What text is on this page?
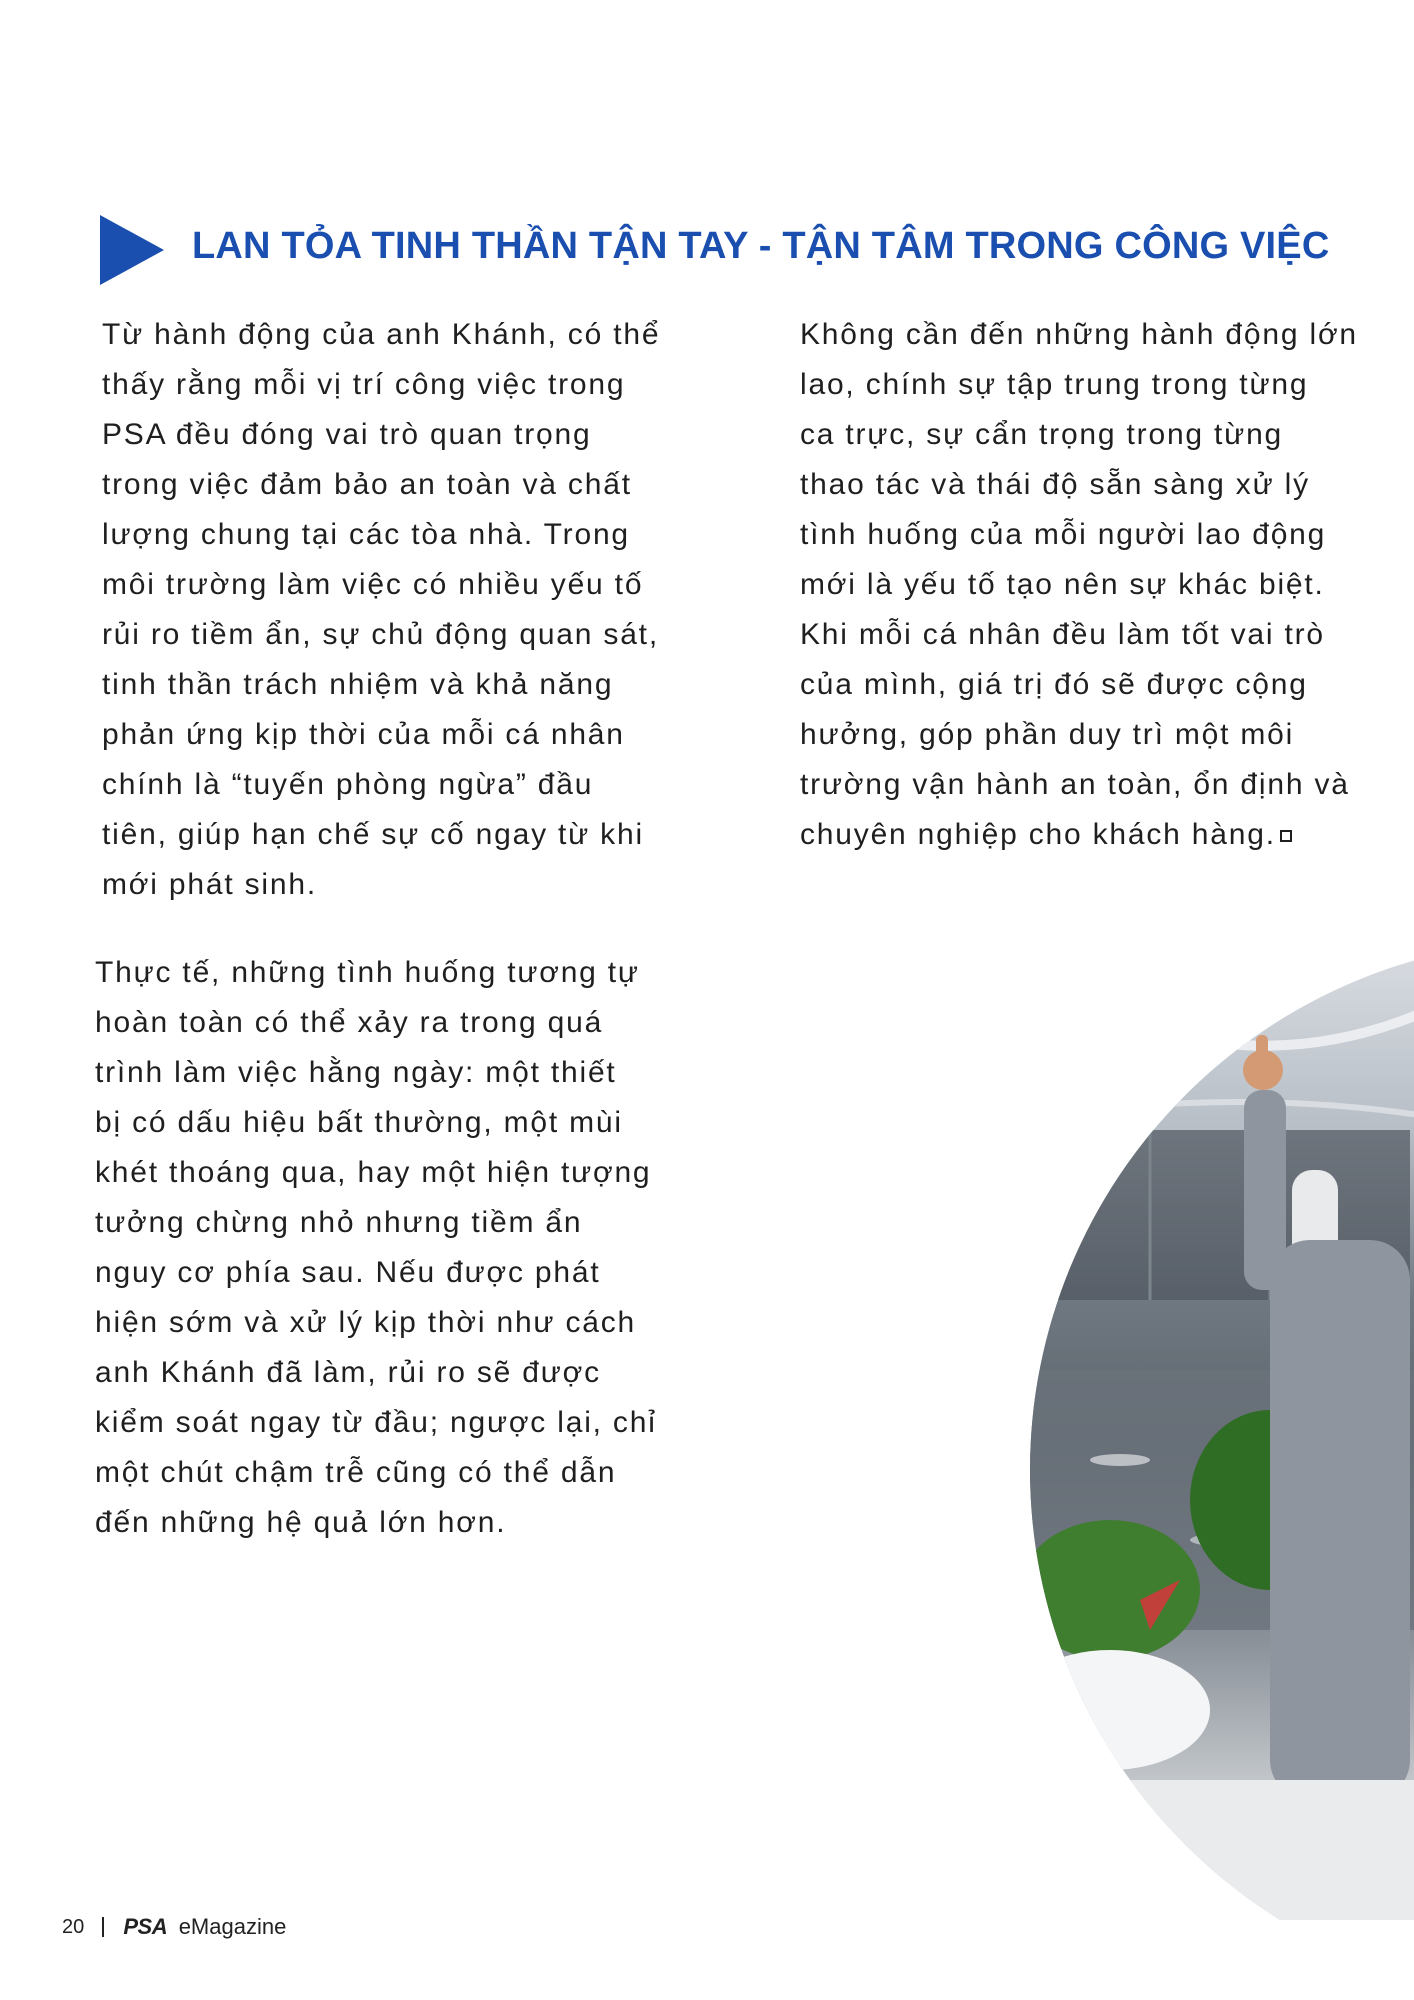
LAN TỎA TINH THẦN TẬN TAY - TẬN TÂM TRONG CÔNG VIỆC

Từ hành động của anh Khánh, có thể
thấy rằng mỗi vị trí công việc trong
PSA đều đóng vai trò quan trọng
trong việc đảm bảo an toàn và chất
lượng chung tại các tòa nhà. Trong
môi trường làm việc có nhiều yếu tố
rủi ro tiềm ẩn, sự chủ động quan sát,
tinh thần trách nhiệm và khả năng
phản ứng kịp thời của mỗi cá nhân
chính là “tuyến phòng ngừa” đầu
tiên, giúp hạn chế sự cố ngay từ khi
mới phát sinh.

Thực tế, những tình huống tương tự
hoàn toàn có thể xảy ra trong quá
trình làm việc hằng ngày: một thiết
bị có dấu hiệu bất thường, một mùi
khét thoáng qua, hay một hiện tượng
tưởng chừng nhỏ nhưng tiềm ẩn
nguy cơ phía sau. Nếu được phát
hiện sớm và xử lý kịp thời như cách
anh Khánh đã làm, rủi ro sẽ được
kiểm soát ngay từ đầu; ngược lại, chỉ
một chút chậm trễ cũng có thể dẫn
đến những hệ quả lớn hơn.

Không cần đến những hành động lớn
lao, chính sự tập trung trong từng
ca trực, sự cẩn trọng trong từng
thao tác và thái độ sẵn sàng xử lý
tình huống của mỗi người lao động
mới là yếu tố tạo nên sự khác biệt.
Khi mỗi cá nhân đều làm tốt vai trò
của mình, giá trị đó sẽ được cộng
hưởng, góp phần duy trì một môi
trường vận hành an toàn, ổn định và
chuyên nghiệp cho khách hàng.

20 PSA eMagazine
